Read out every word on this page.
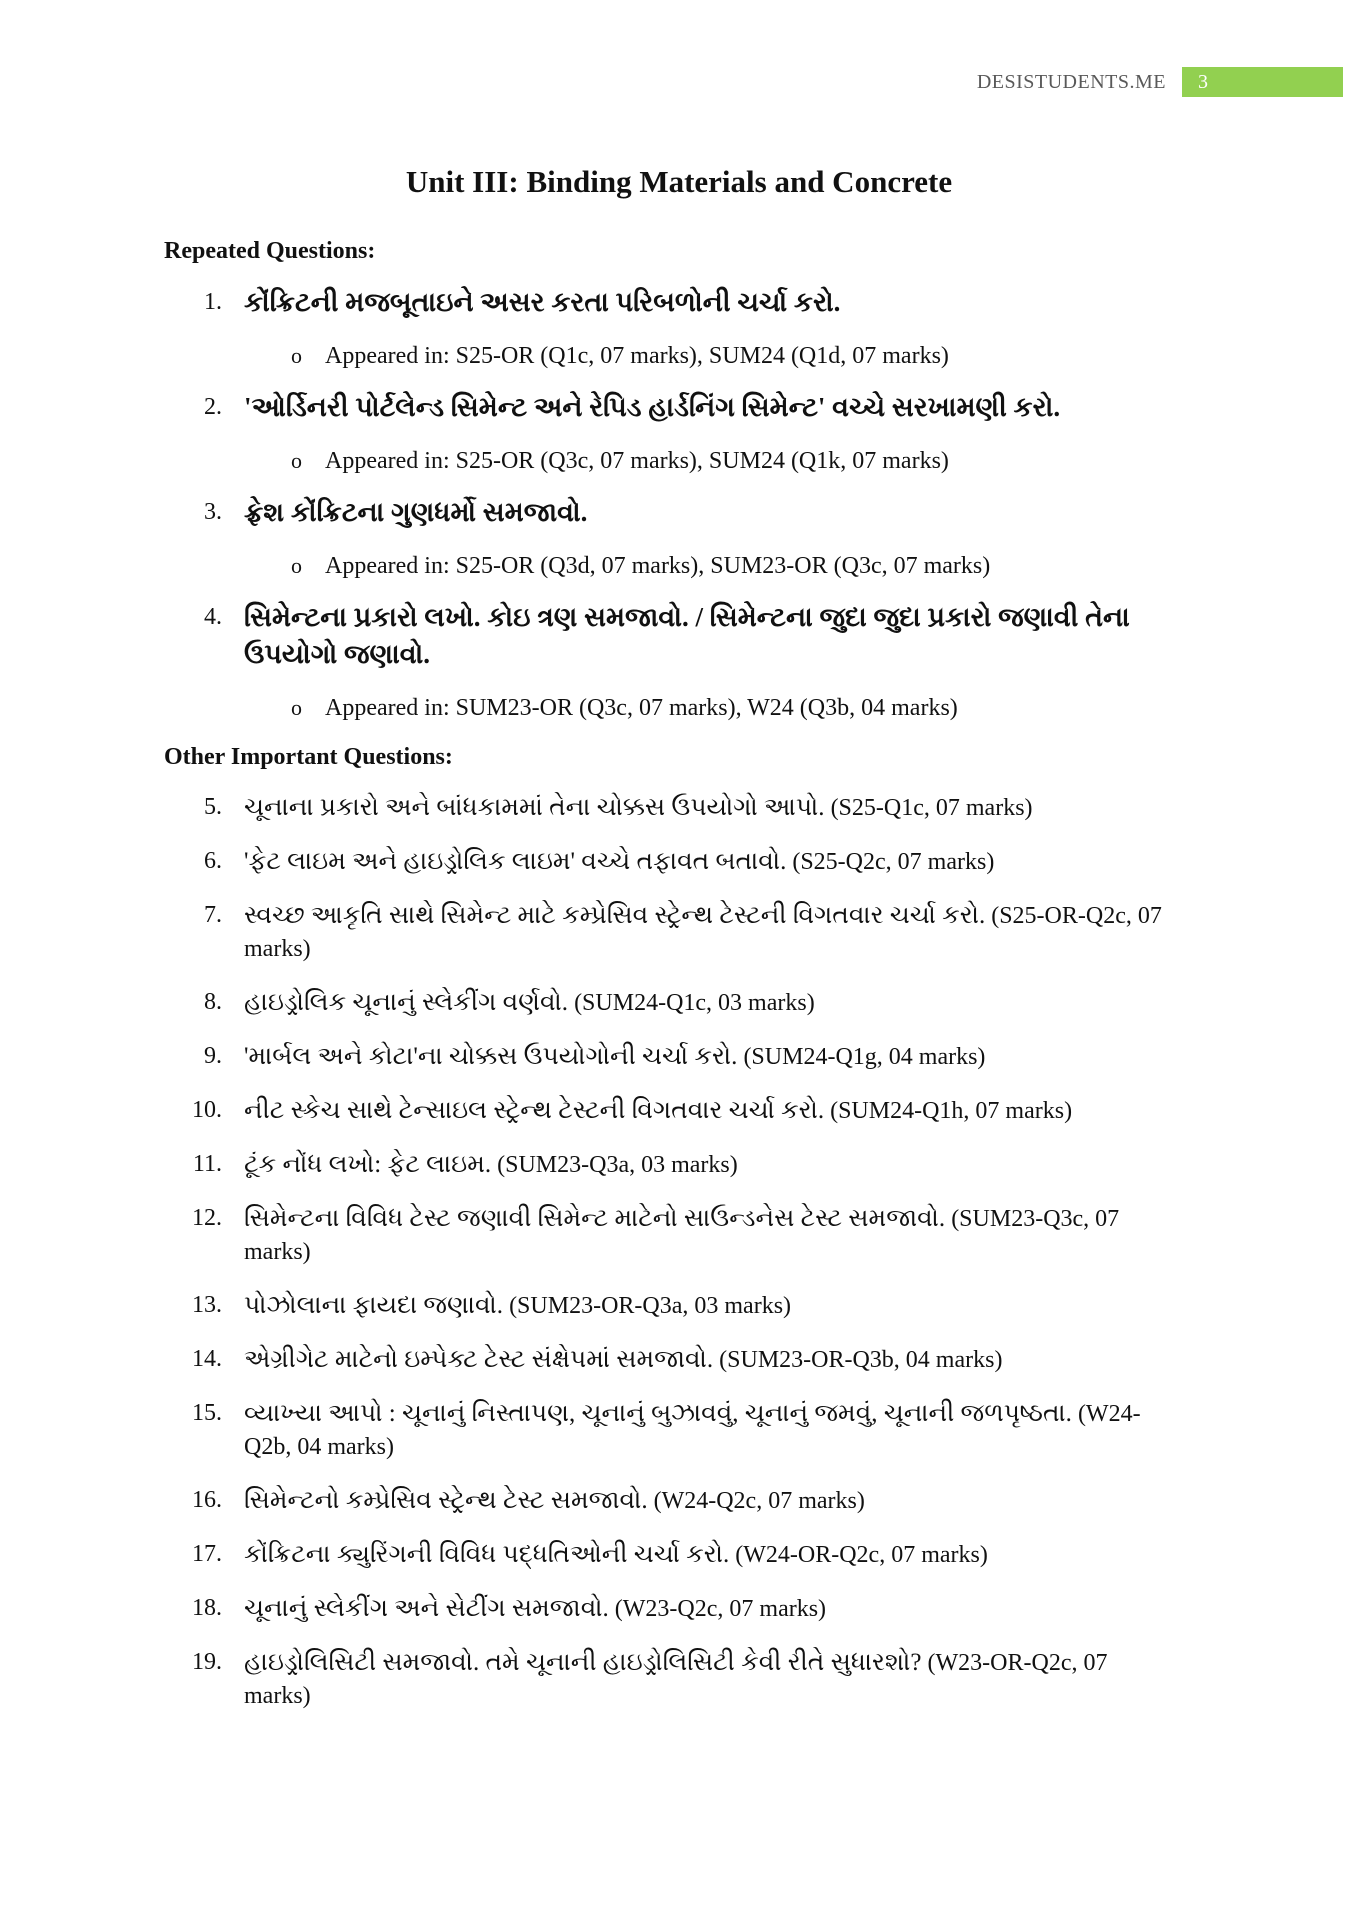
DESISTUDENTS.ME 3
Unit III: Binding Materials and Concrete
Repeated Questions:
1. કોંક્રિટની મજબૂતાઇને અસર કરતા પરિબળોની ચર્ચા કરો.
o Appeared in: S25-OR (Q1c, 07 marks), SUM24 (Q1d, 07 marks)
2. 'ઓર્ડિનરી પોર્ટલેન્ડ સિમેન્ટ અને રેપિડ હાર્ડનિંગ સિમેન્ટ' વચ્ચે સરખામણી કરો.
o Appeared in: S25-OR (Q3c, 07 marks), SUM24 (Q1k, 07 marks)
3. ફ્રેશ કોંક્રિટના ગુણધર્મો સમજાવો.
o Appeared in: S25-OR (Q3d, 07 marks), SUM23-OR (Q3c, 07 marks)
4. સિમેન્ટના પ્રકારો લખો. કોઇ ત્રણ સમજાવો. / સિમેન્ટના જુદા જુદા પ્રકારો જણાવી તેના ઉપયોગો જણાવો.
o Appeared in: SUM23-OR (Q3c, 07 marks), W24 (Q3b, 04 marks)
Other Important Questions:
5. ચૂનાના પ્રકારો અને બાંધકામમાં તેના ચોક્કસ ઉપયોગો આપો. (S25-Q1c, 07 marks)
6. 'ફેટ લાઇમ અને હાઇડ્રોલિક લાઇમ' વચ્ચે તફાવત બતાવો. (S25-Q2c, 07 marks)
7. સ્વચ્છ આકૃતિ સાથે સિમેન્ટ માટે કમ્પ્રેસિવ સ્ટ્રેન્થ ટેસ્ટની વિગતવાર ચર્ચા કરો. (S25-OR-Q2c, 07 marks)
8. હાઇડ્રોલિક ચૂનાનું સ્લેકીંગ વર્ણવો. (SUM24-Q1c, 03 marks)
9. 'માર્બલ અને કોટા'ના ચોક્કસ ઉપયોગોની ચર્ચા કરો. (SUM24-Q1g, 04 marks)
10. નીટ સ્કેચ સાથે ટેન્સાઇલ સ્ટ્રેન્થ ટેસ્ટની વિગતવાર ચર્ચા કરો. (SUM24-Q1h, 07 marks)
11. ટૂંક નોંધ લખો: ફેટ લાઇમ. (SUM23-Q3a, 03 marks)
12. સિમેન્ટના વિવિધ ટેસ્ટ જણાવી સિમેન્ટ માટેનો સાઉન્ડનેસ ટેસ્ટ સમજાવો. (SUM23-Q3c, 07 marks)
13. પોઝોલાના ફાયદા જણાવો. (SUM23-OR-Q3a, 03 marks)
14. એગ્રીગેટ માટેનો ઇમ્પેક્ટ ટેસ્ટ સંક્ષેપમાં સમજાવો. (SUM23-OR-Q3b, 04 marks)
15. વ્યાખ્યા આપો : ચૂનાનું નિસ્તાપણ, ચૂનાનું બુઝાવવું, ચૂનાનું જમવું, ચૂનાની જળપૃષ્ઠતા. (W24-Q2b, 04 marks)
16. સિમેન્ટનો કમ્પ્રેસિવ સ્ટ્રેન્થ ટેસ્ટ સમજાવો. (W24-Q2c, 07 marks)
17. કોંક્રિટના ક્યુરિંગની વિવિધ પદ્ધતિઓની ચર્ચા કરો. (W24-OR-Q2c, 07 marks)
18. ચૂનાનું સ્લેકીંગ અને સેટીંગ સમજાવો. (W23-Q2c, 07 marks)
19. હાઇડ્રોલિસિટી સમજાવો. તમે ચૂનાની હાઇડ્રોલિસિટી કેવી રીતે સુધારશો? (W23-OR-Q2c, 07 marks)
